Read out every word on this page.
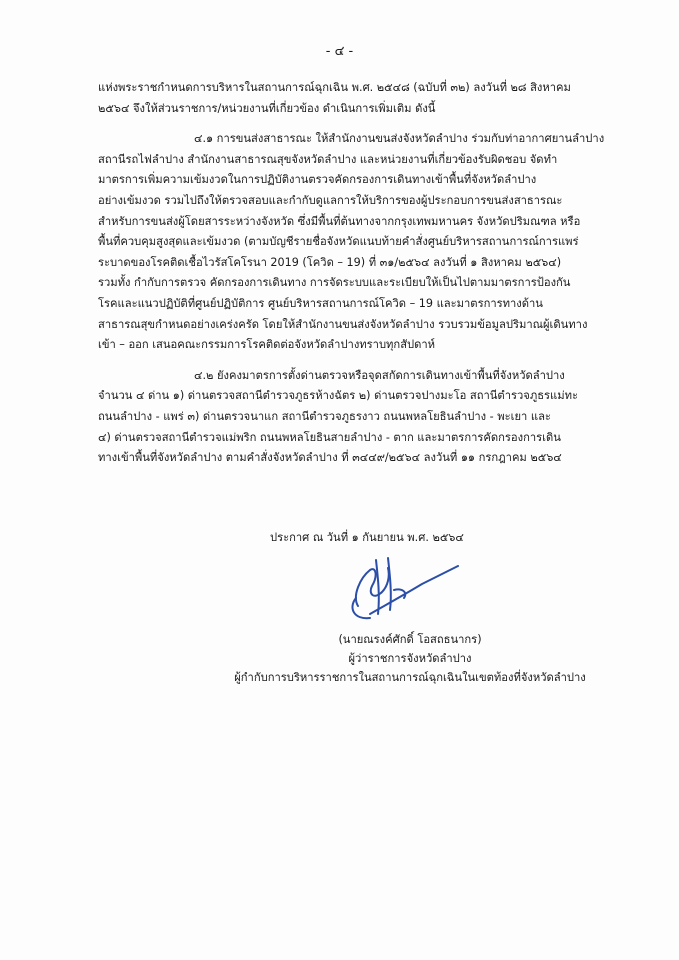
- ๔ -
แห่งพระราชกำหนดการบริหารในสถานการณ์ฉุกเฉิน พ.ศ. ๒๕๔๘ (ฉบับที่ ๓๒) ลงวันที่ ๒๘ สิงหาคม
๒๕๖๔ จึงให้ส่วนราชการ/หน่วยงานที่เกี่ยวข้อง ดำเนินการเพิ่มเติม ดังนี้
๔.๑ การขนส่งสาธารณะ ให้สำนักงานขนส่งจังหวัดลำปาง ร่วมกับท่าอากาศยานลำปาง
สถานีรถไฟลำปาง สำนักงานสาธารณสุขจังหวัดลำปาง และหน่วยงานที่เกี่ยวข้องรับผิดชอบ จัดทำ
มาตรการเพิ่มความเข้มงวดในการปฏิบัติงานตรวจคัดกรองการเดินทางเข้าพื้นที่จังหวัดลำปาง
อย่างเข้มงวด รวมไปถึงให้ตรวจสอบและกำกับดูแลการให้บริการของผู้ประกอบการขนส่งสาธารณะ
สำหรับการขนส่งผู้โดยสารระหว่างจังหวัด ซึ่งมีพื้นที่ต้นทางจากกรุงเทพมหานคร จังหวัดปริมณฑล หรือ
พื้นที่ควบคุมสูงสุดและเข้มงวด (ตามบัญชีรายชื่อจังหวัดแนบท้ายคำสั่งศูนย์บริหารสถานการณ์การแพร่
ระบาดของโรคติดเชื้อไวรัสโคโรนา 2019 (โควิด – 19) ที่ ๓๑/๒๕๖๔ ลงวันที่ ๑ สิงหาคม ๒๕๖๔)
รวมทั้ง กำกับการตรวจ คัดกรองการเดินทาง การจัดระบบและระเบียบให้เป็นไปตามมาตรการป้องกัน
โรคและแนวปฏิบัติที่ศูนย์ปฏิบัติการ ศูนย์บริหารสถานการณ์โควิด – 19 และมาตรการทางด้าน
สาธารณสุขกำหนดอย่างเคร่งครัด โดยให้สำนักงานขนส่งจังหวัดลำปาง รวบรวมข้อมูลปริมาณผู้เดินทาง
เข้า – ออก เสนอคณะกรรมการโรคติดต่อจังหวัดลำปางทราบทุกสัปดาห์
๔.๒ ยังคงมาตรการตั้งด่านตรวจหรือจุดสกัดการเดินทางเข้าพื้นที่จังหวัดลำปาง
จำนวน ๔ ด่าน ๑) ด่านตรวจสถานีตำรวจภูธรห้างฉัตร ๒) ด่านตรวจปางมะโอ สถานีตำรวจภูธรแม่ทะ
ถนนลำปาง - แพร่ ๓) ด่านตรวจนาแก สถานีตำรวจภูธรงาว ถนนพหลโยธินลำปาง - พะเยา และ
๔) ด่านตรวจสถานีตำรวจแม่พริก ถนนพหลโยธินสายลำปาง - ตาก และมาตรการคัดกรองการเดิน
ทางเข้าพื้นที่จังหวัดลำปาง ตามคำสั่งจังหวัดลำปาง ที่ ๓๔๔๙/๒๕๖๔ ลงวันที่ ๑๑ กรกฎาคม ๒๕๖๔
ประกาศ ณ วันที่ ๑ กันยายน พ.ศ. ๒๕๖๔
(นายณรงค์ศักดิ์ โอสถธนากร)
ผู้ว่าราชการจังหวัดลำปาง
ผู้กำกับการบริหารราชการในสถานการณ์ฉุกเฉินในเขตท้องที่จังหวัดลำปาง
